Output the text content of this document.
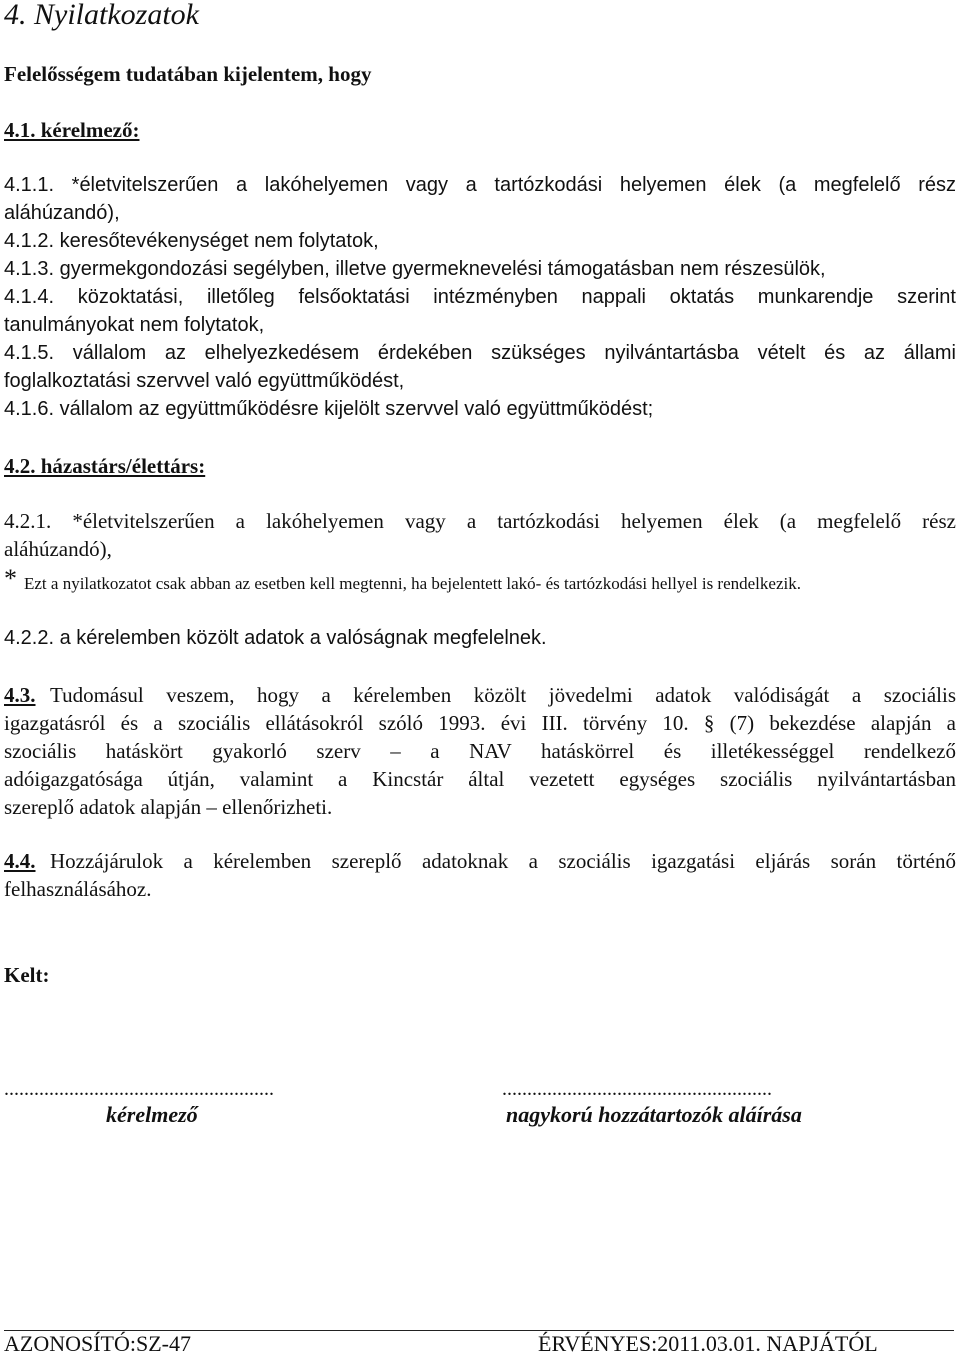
4. Nyilatkozatok
Felelősségem tudatában kijelentem, hogy
4.1. kérelmező:
4.1.1. *életvitelszerűen a lakóhelyemen vagy a tartózkodási helyemen élek (a megfelelő rész
aláhúzandó),
4.1.2. keresőtevékenységet nem folytatok,
4.1.3. gyermekgondozási segélyben, illetve gyermeknevelési támogatásban nem részesülök,
4.1.4. közoktatási, illetőleg felsőoktatási intézményben nappali oktatás munkarendje szerint
tanulmányokat nem folytatok,
4.1.5. vállalom az elhelyezkedésem érdekében szükséges nyilvántartásba vételt és az állami
foglalkoztatási szervvel való együttműködést,
4.1.6. vállalom az együttműködésre kijelölt szervvel való együttműködést;
4.2. házastárs/élettárs:
4.2.1. *életvitelszerűen a lakóhelyemen vagy a tartózkodási helyemen élek (a megfelelő rész
aláhúzandó),
* Ezt a nyilatkozatot csak abban az esetben kell megtenni, ha bejelentett lakó- és tartózkodási hellyel is rendelkezik.
4.2.2. a kérelemben közölt adatok a valóságnak megfelelnek.
4.3. Tudomásul veszem, hogy a kérelemben közölt jövedelmi adatok valódiságát a szociális
igazgatásról és a szociális ellátásokról szóló 1993. évi III. törvény 10. § (7) bekezdése alapján a
szociális hatáskört gyakorló szerv – a NAV hatáskörrel és illetékességgel rendelkező
adóigazgatósága útján, valamint a Kincstár által vezetett egységes szociális nyilvántartásban
szereplő adatok alapján – ellenőrizheti.
4.4. Hozzájárulok a kérelemben szereplő adatoknak a szociális igazgatási eljárás során történő
felhasználásához.
Kelt:
......................................................
kérelmező
......................................................
nagykorú hozzátartozók aláírása
AZONOSÍTÓ:SZ-47	ÉRVÉNYES:2011.03.01. NAPJÁTÓL
